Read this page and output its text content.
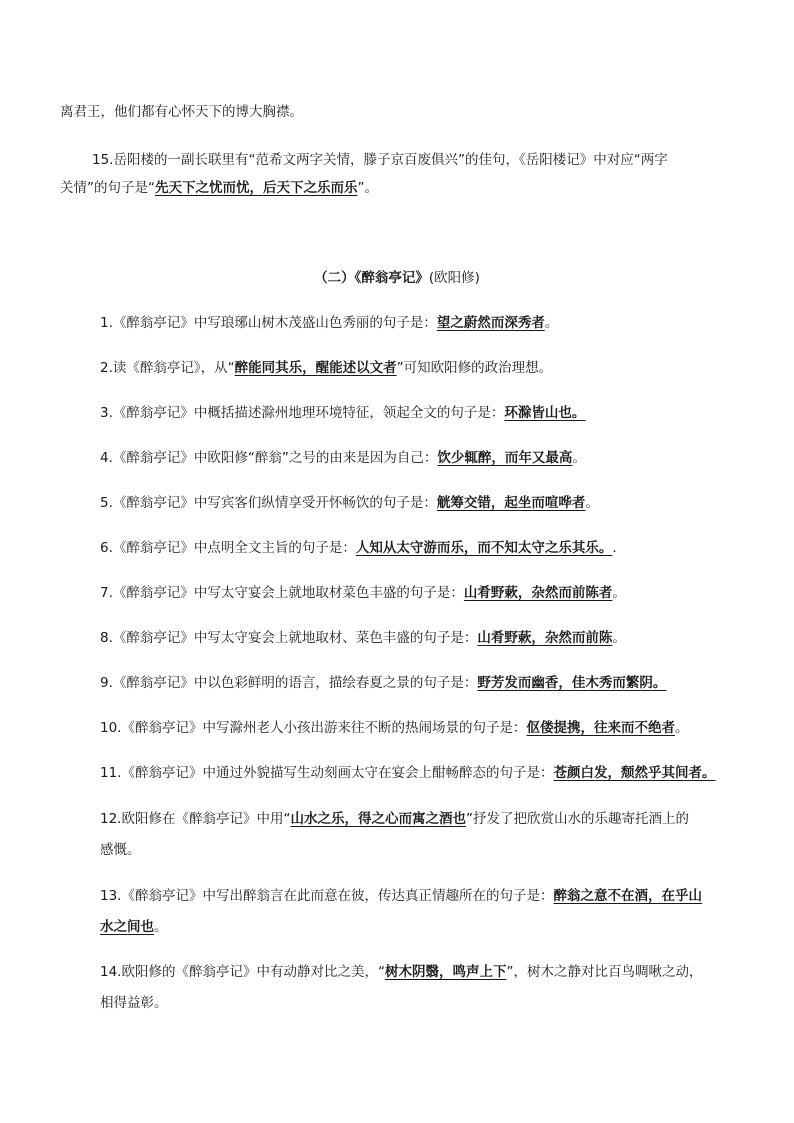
离君王，他们都有心怀天下的博大胸襟。
15.岳阳楼的一副长联里有“范希文两字关情，滕子京百废俱兴”的佳句，《岳阳楼记》中对应“两字
关情”的句子是“先天下之忧而忧，后天下之乐而乐”。
（二）《醉翁亭记》(欧阳修)
1.《醉翁亭记》中写琅琊山树木茂盛山色秀丽的句子是：望之蔚然而深秀者。
2.读《醉翁亭记》，从“醉能同其乐，醒能述以文者”可知欧阳修的政治理想。
3.《醉翁亭记》中概括描述滁州地理环境特征，领起全文的句子是：环滁皆山也。
4.《醉翁亭记》中欧阳修“醉翁”之号的由来是因为自己：饮少辄醉，而年又最高。
5.《醉翁亭记》中写宾客们纵情享受开怀畅饮的句子是：觥筹交错，起坐而喧哗者。
6.《醉翁亭记》中点明全文主旨的句子是：人知从太守游而乐，而不知太守之乐其乐。.
7.《醉翁亭记》中写太守宴会上就地取材菜色丰盛的句子是：山肴野蔌，杂然而前陈者。
8.《醉翁亭记》中写太守宴会上就地取材、菜色丰盛的句子是：山肴野蔌，杂然而前陈。
9.《醉翁亭记》中以色彩鲜明的语言，描绘春夏之景的句子是：野芳发而幽香，佳木秀而繁阴。
10.《醉翁亭记》中写滁州老人小孩出游来往不断的热闹场景的句子是：伛偻提携，往来而不绝者。
11.《醉翁亭记》中通过外貌描写生动刻画太守在宴会上酣畅醉态的句子是：苍颜白发，颓然乎其间者。
12.欧阳修在《醉翁亭记》中用“山水之乐，得之心而寓之酒也”抒发了把欣赏山水的乐趣寄托酒上的
感慨。
13.《醉翁亭记》中写出醉翁言在此而意在彼，传达真正情趣所在的句子是：醉翁之意不在酒，在乎山
水之间也。
14.欧阳修的《醉翁亭记》中有动静对比之美，“树木阴翳，鸣声上下”，树木之静对比百鸟啁啾之动，
相得益彰。
